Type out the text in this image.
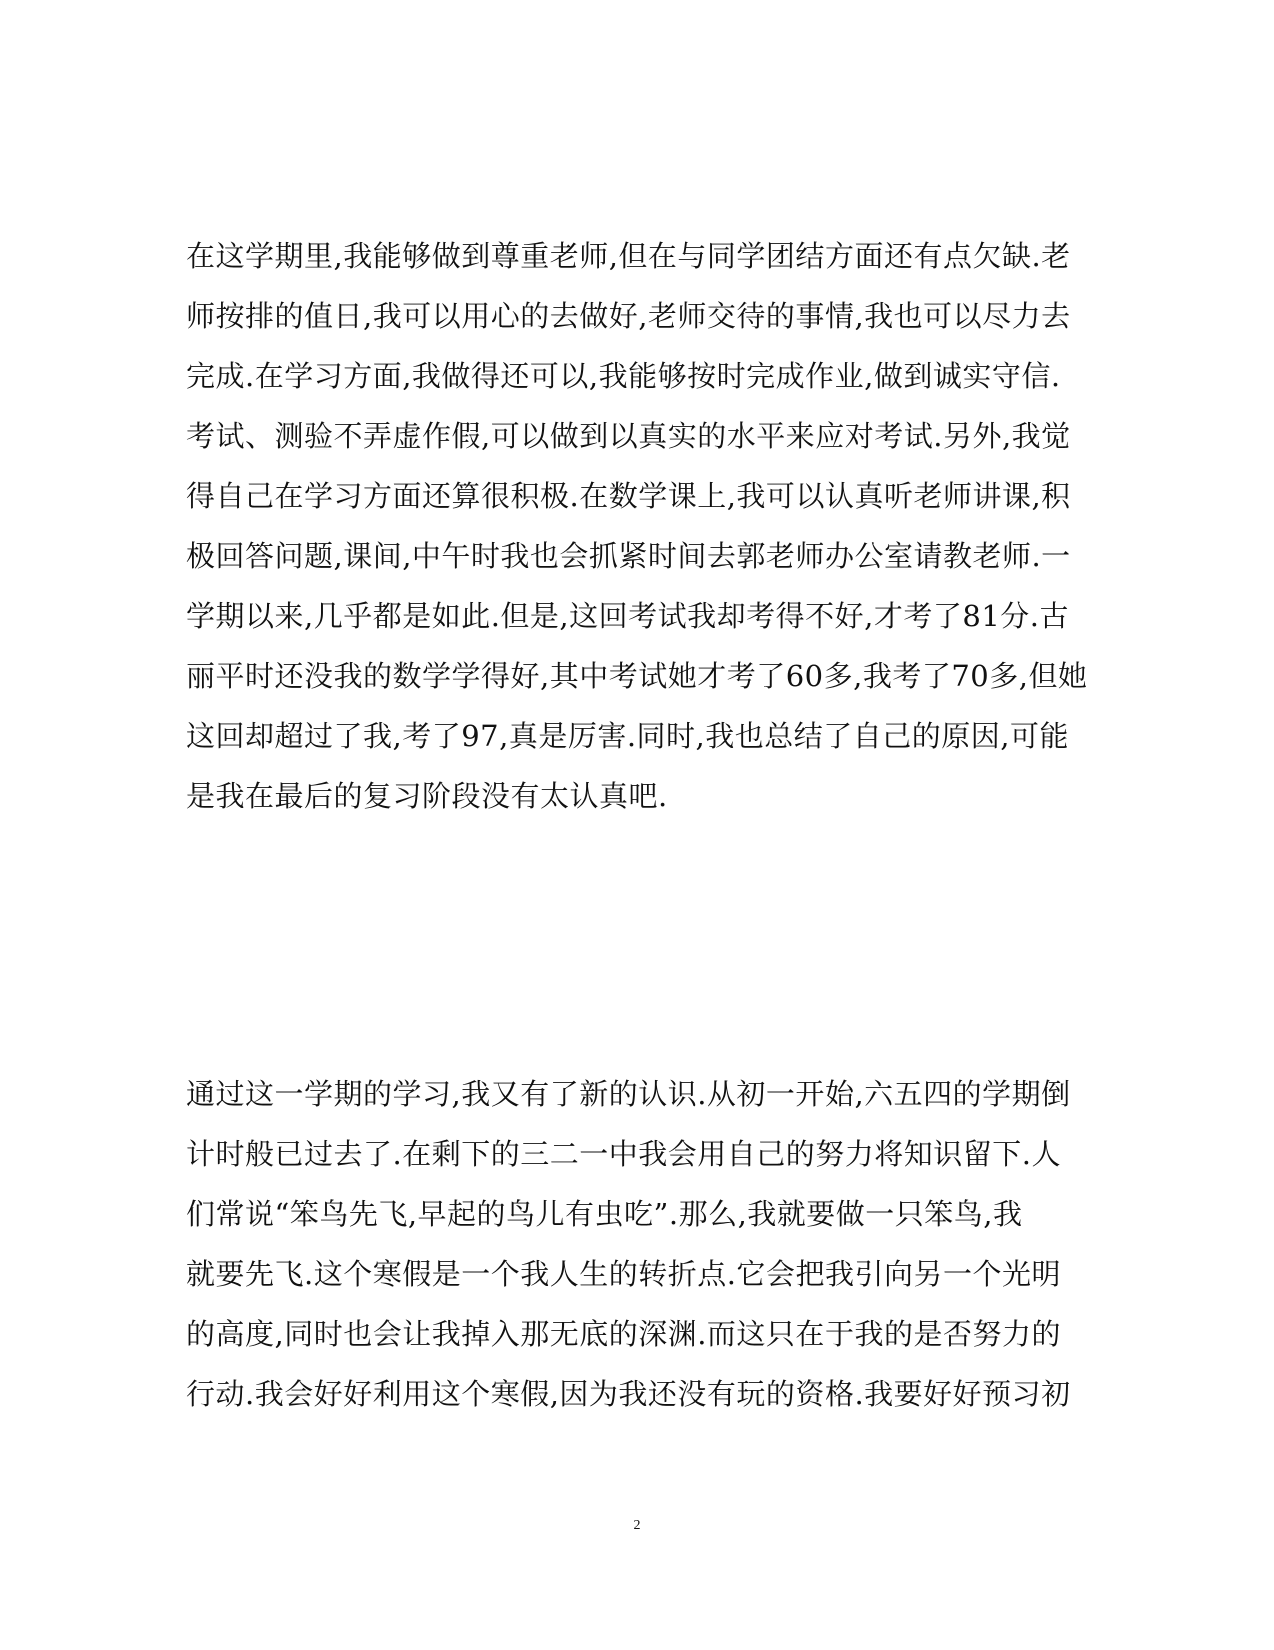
在这学期里,我能够做到尊重老师,但在与同学团结方面还有点欠缺.老
师按排的值日,我可以用心的去做好,老师交待的事情,我也可以尽力去
完成.在学习方面,我做得还可以,我能够按时完成作业,做到诚实守信.
考试、测验不弄虚作假,可以做到以真实的水平来应对考试.另外,我觉
得自己在学习方面还算很积极.在数学课上,我可以认真听老师讲课,积
极回答问题,课间,中午时我也会抓紧时间去郭老师办公室请教老师.一
学期以来,几乎都是如此.但是,这回考试我却考得不好,才考了81分.古
丽平时还没我的数学学得好,其中考试她才考了60多,我考了70多,但她
这回却超过了我,考了97,真是厉害.同时,我也总结了自己的原因,可能
是我在最后的复习阶段没有太认真吧.
通过这一学期的学习,我又有了新的认识.从初一开始,六五四的学期倒
计时般已过去了.在剩下的三二一中我会用自己的努力将知识留下.人
们常说“笨鸟先飞,早起的鸟儿有虫吃”.那么,我就要做一只笨鸟,我
就要先飞.这个寒假是一个我人生的转折点.它会把我引向另一个光明
的高度,同时也会让我掉入那无底的深渊.而这只在于我的是否努力的
行动.我会好好利用这个寒假,因为我还没有玩的资格.我要好好预习初
2
